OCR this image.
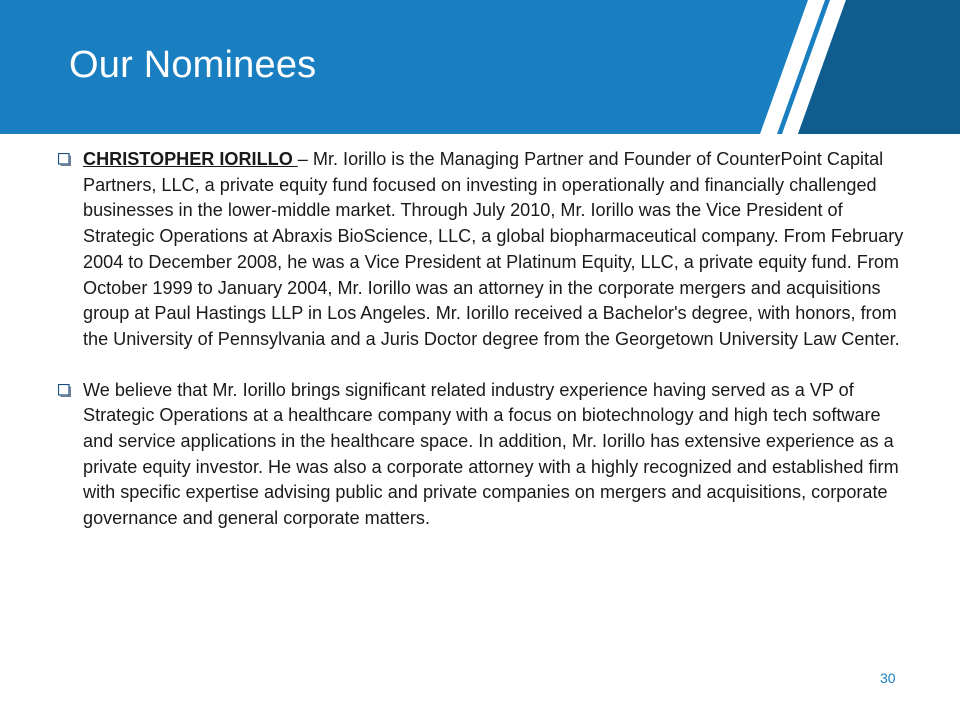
Our Nominees

CHRISTOPHER IORILLO – Mr. Iorillo is the Managing Partner and Founder of CounterPoint Capital Partners, LLC, a private equity fund focused on investing in operationally and financially challenged businesses in the lower-middle market. Through July 2010, Mr. Iorillo was the Vice President of Strategic Operations at Abraxis BioScience, LLC, a global biopharmaceutical company. From February 2004 to December 2008, he was a Vice President at Platinum Equity, LLC, a private equity fund. From October 1999 to January 2004, Mr. Iorillo was an attorney in the corporate mergers and acquisitions group at Paul Hastings LLP in Los Angeles. Mr. Iorillo received a Bachelor's degree, with honors, from the University of Pennsylvania and a Juris Doctor degree from the Georgetown University Law Center.

We believe that Mr. Iorillo brings significant related industry experience having served as a VP of Strategic Operations at a healthcare company with a focus on biotechnology and high tech software and service applications in the healthcare space. In addition, Mr. Iorillo has extensive experience as a private equity investor. He was also a corporate attorney with a highly recognized and established firm with specific expertise advising public and private companies on mergers and acquisitions, corporate governance and general corporate matters.

30
